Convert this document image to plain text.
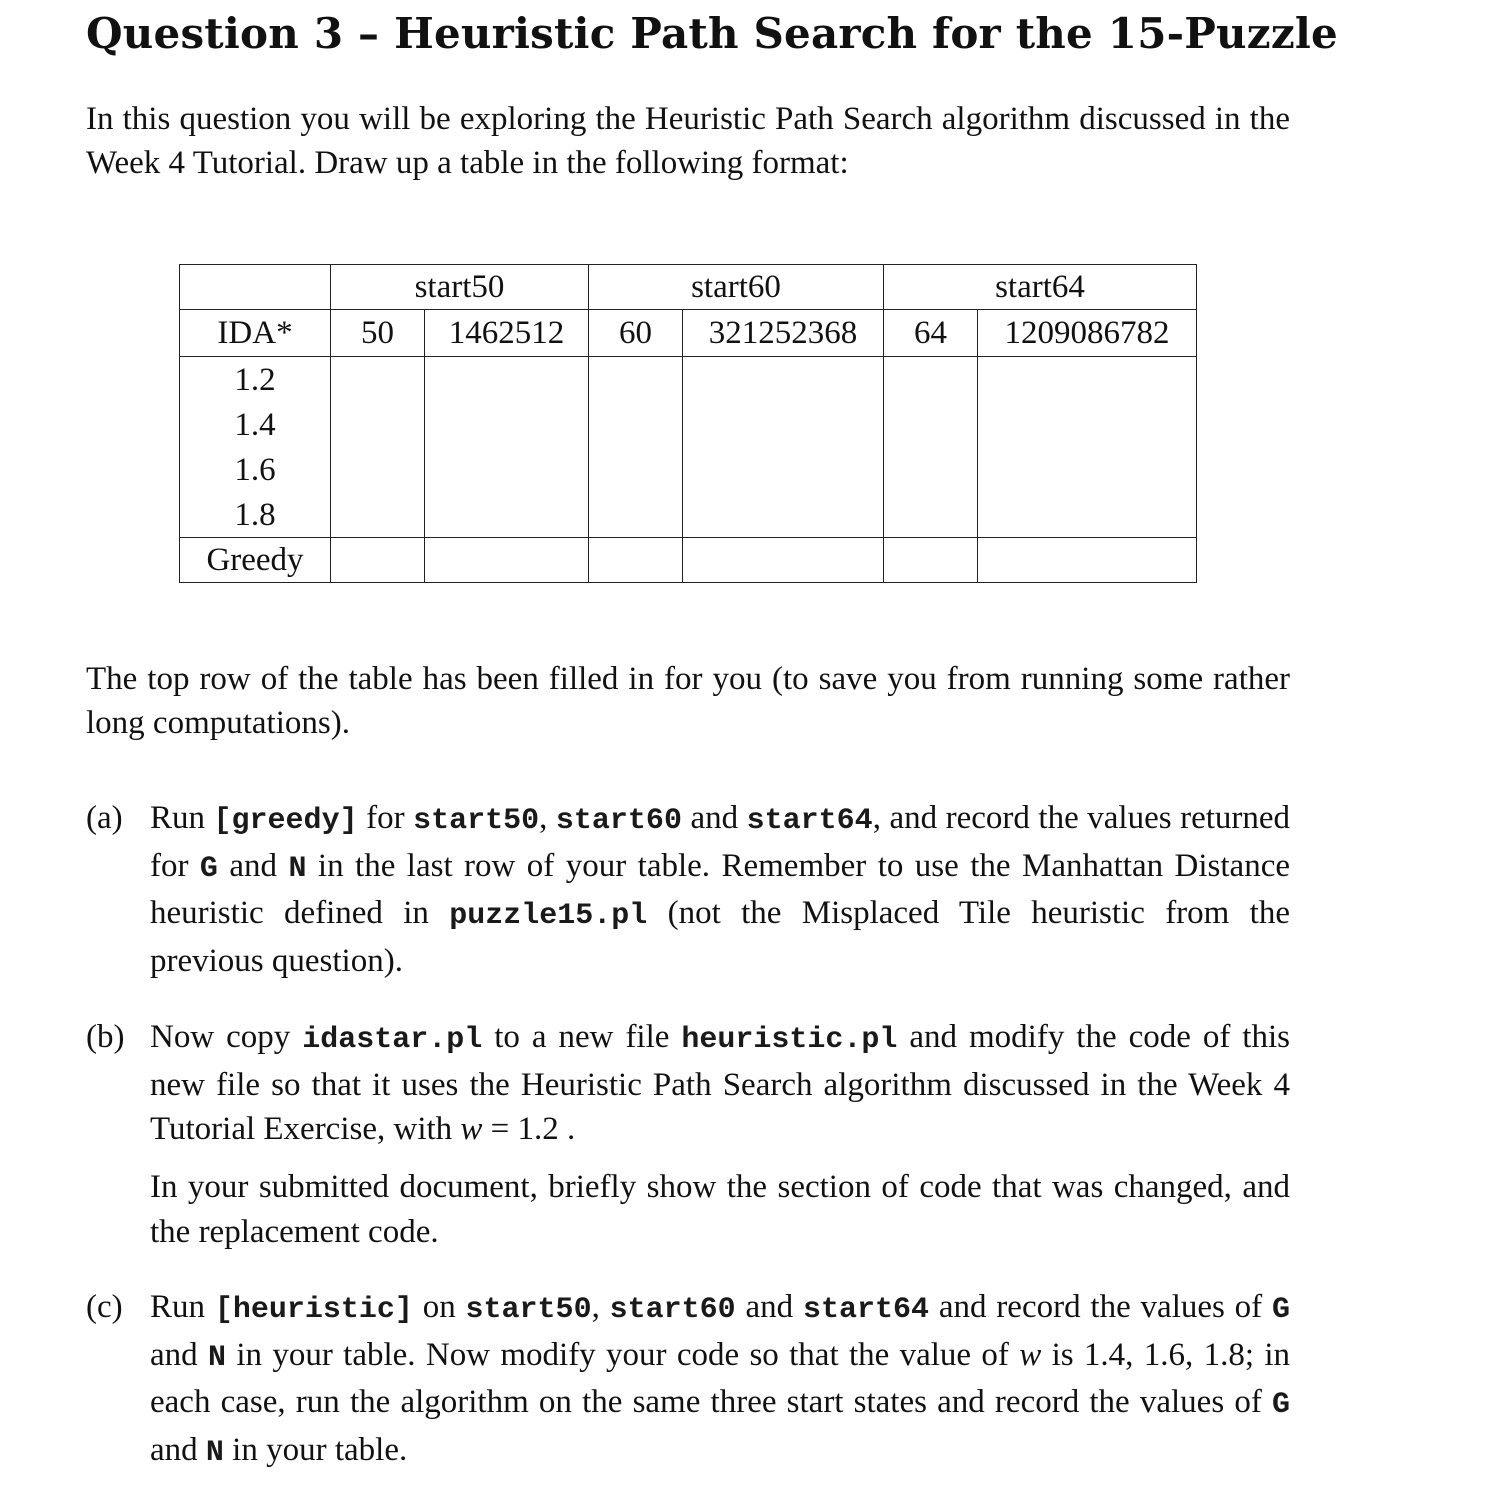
Question 3 – Heuristic Path Search for the 15-Puzzle

In this question you will be exploring the Heuristic Path Search algorithm discussed in the Week 4 Tutorial. Draw up a table in the following format:

	start50		start60		start64	
IDA*	50	1462512	60	321252368	64	1209086782
1.2						
1.4						
1.6						
1.8						
Greedy						

The top row of the table has been filled in for you (to save you from running some rather long computations).

(a) Run [greedy] for start50, start60 and start64, and record the values returned for G and N in the last row of your table. Remember to use the Manhattan Distance heuristic defined in puzzle15.pl (not the Misplaced Tile heuristic from the previous question).

(b) Now copy idastar.pl to a new file heuristic.pl and modify the code of this new file so that it uses the Heuristic Path Search algorithm discussed in the Week 4 Tutorial Exercise, with w = 1.2 .

In your submitted document, briefly show the section of code that was changed, and the replacement code.

(c) Run [heuristic] on start50, start60 and start64 and record the values of G and N in your table. Now modify your code so that the value of w is 1.4, 1.6, 1.8; in each case, run the algorithm on the same three start states and record the values of G and N in your table.
